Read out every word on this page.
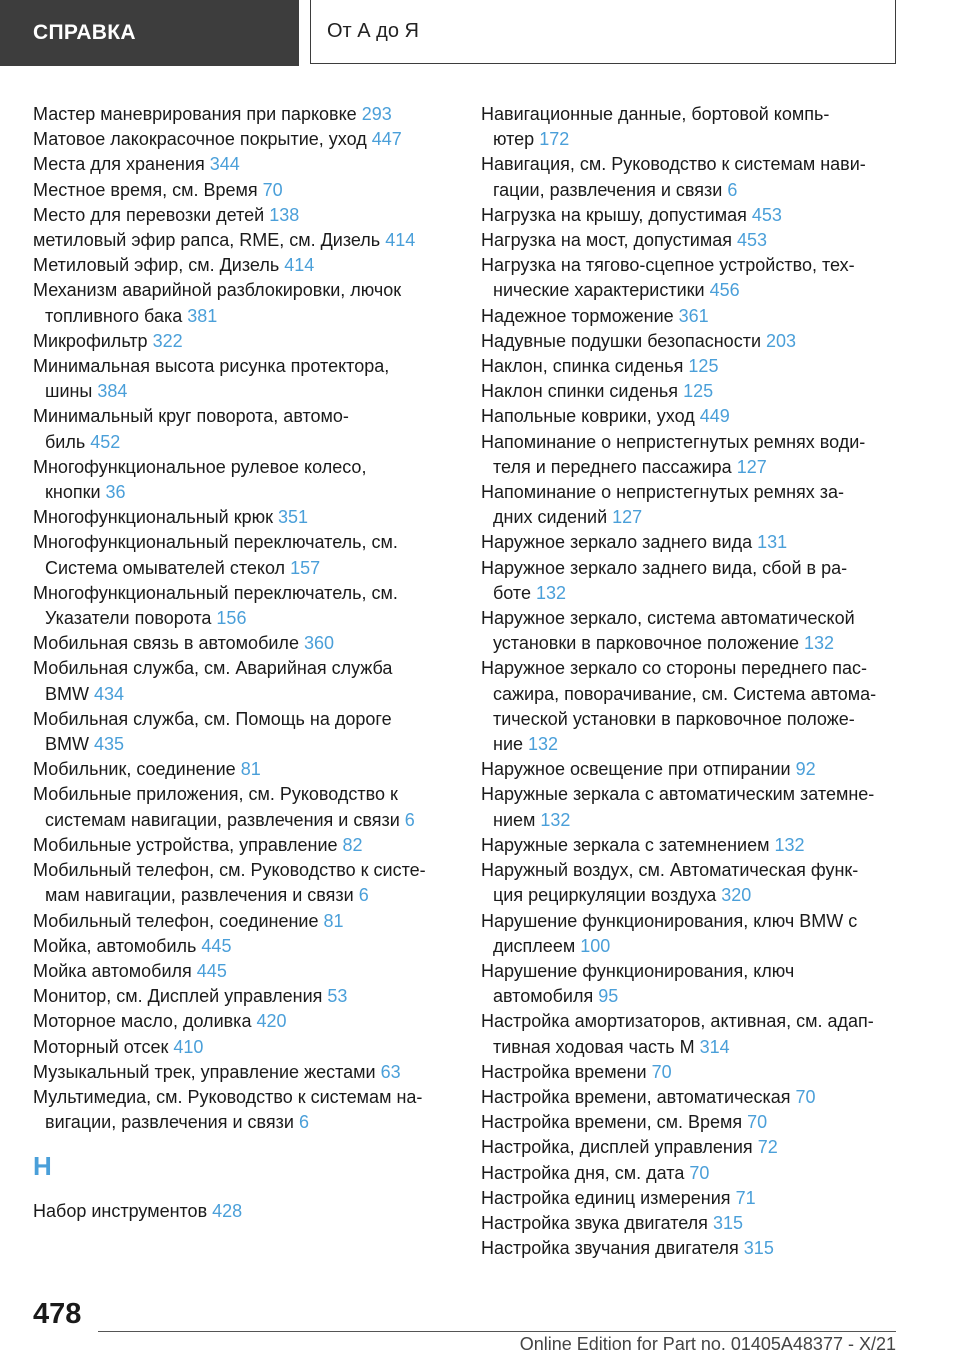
СПРАВКА	От А до Я
Мастер маневрирования при парковке 293
Матовое лакокрасочное покрытие, уход 447
Места для хранения 344
Местное время, см. Время 70
Место для перевозки детей 138
метиловый эфир рапса, RME, см. Дизель 414
Метиловый эфир, см. Дизель 414
Механизм аварийной разблокировки, лючок
топливного бака 381
Микрофильтр 322
Минимальная высота рисунка протектора,
шины 384
Минимальный круг поворота, автомо-
биль 452
Многофункциональное рулевое колесо,
кнопки 36
Многофункциональный крюк 351
Многофункциональный переключатель, см.
Система омывателей стекол 157
Многофункциональный переключатель, см.
Указатели поворота 156
Мобильная связь в автомобиле 360
Мобильная служба, см. Аварийная служба
BMW 434
Мобильная служба, см. Помощь на дороге
BMW 435
Мобильник, соединение 81
Мобильные приложения, см. Руководство к
системам навигации, развлечения и связи 6
Мобильные устройства, управление 82
Мобильный телефон, см. Руководство к систе-
мам навигации, развлечения и связи 6
Мобильный телефон, соединение 81
Мойка, автомобиль 445
Мойка автомобиля 445
Монитор, см. Дисплей управления 53
Моторное масло, доливка 420
Моторный отсек 410
Музыкальный трек, управление жестами 63
Мультимедиа, см. Руководство к системам на-
вигации, развлечения и связи 6
Н
Набор инструментов 428
Навигационные данные, бортовой компь-
ютер 172
Навигация, см. Руководство к системам нави-
гации, развлечения и связи 6
Нагрузка на крышу, допустимая 453
Нагрузка на мост, допустимая 453
Нагрузка на тягово-сцепное устройство, тех-
нические характеристики 456
Надежное торможение 361
Надувные подушки безопасности 203
Наклон, спинка сиденья 125
Наклон спинки сиденья 125
Напольные коврики, уход 449
Напоминание о непристегнутых ремнях води-
теля и переднего пассажира 127
Напоминание о непристегнутых ремнях за-
дних сидений 127
Наружное зеркало заднего вида 131
Наружное зеркало заднего вида, сбой в ра-
боте 132
Наружное зеркало, система автоматической
установки в парковочное положение 132
Наружное зеркало со стороны переднего пас-
сажира, поворачивание, см. Система автома-
тической установки в парковочное положе-
ние 132
Наружное освещение при отпирании 92
Наружные зеркала с автоматическим затемне-
нием 132
Наружные зеркала с затемнением 132
Наружный воздух, см. Автоматическая функ-
ция рециркуляции воздуха 320
Нарушение функционирования, ключ BMW с
дисплеем 100
Нарушение функционирования, ключ
автомобиля 95
Настройка амортизаторов, активная, см. адап-
тивная ходовая часть М 314
Настройка времени 70
Настройка времени, автоматическая 70
Настройка времени, см. Время 70
Настройка, дисплей управления 72
Настройка дня, см. дата 70
Настройка единиц измерения 71
Настройка звука двигателя 315
Настройка звучания двигателя 315
478
Online Edition for Part no. 01405A48377 - X/21
